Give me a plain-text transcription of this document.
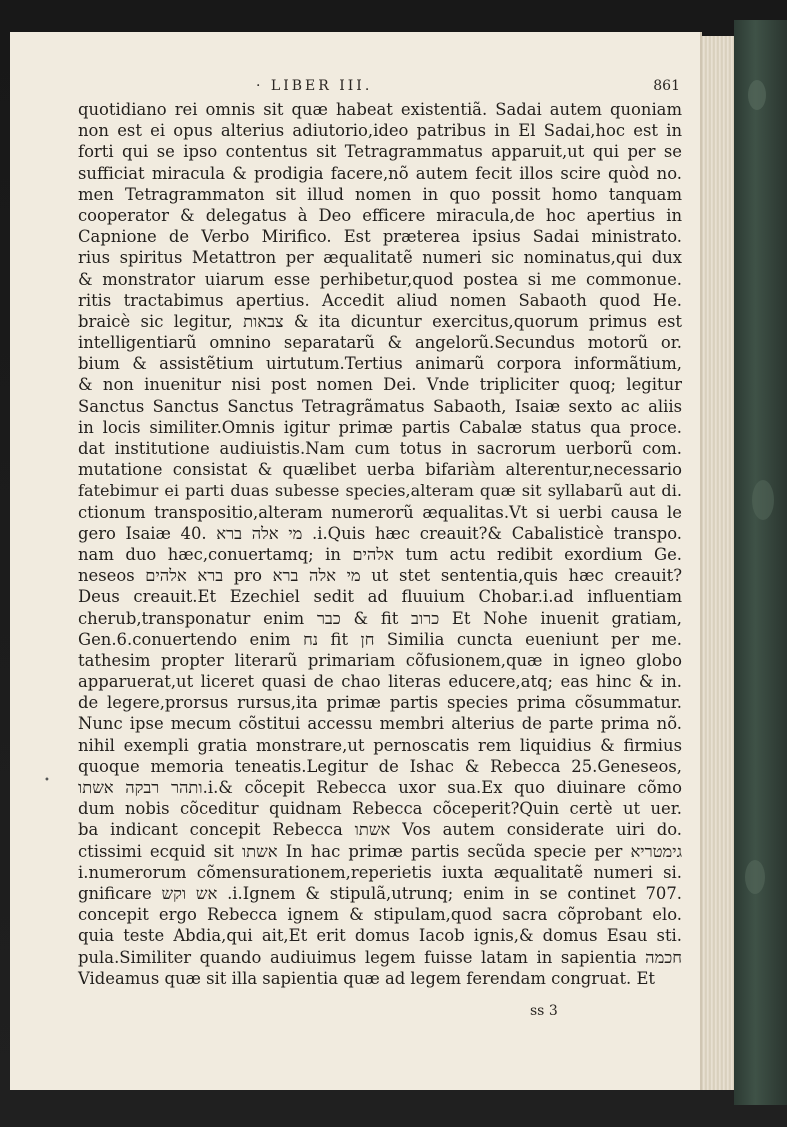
· LIBER III.	861
•
quotidiano rei omnis sit quæ habeat existentiã. Sadai autem quoniam
non est ei opus alterius adiutorio,ideo patribus in El Sadai,hoc est in
forti qui se ipso contentus sit Tetragrammatus apparuit,ut qui per se
sufficiat miracula & prodigia facere,nõ autem fecit illos scire quòd no.
men Tetragrammaton sit illud nomen in quo possit homo tanquam
cooperator & delegatus à Deo efficere miracula,de hoc apertius in
Capnione de Verbo Mirifico. Est præterea ipsius Sadai ministrato.
rius spiritus Metattron per æqualitatẽ numeri sic nominatus,qui dux
& monstrator uiarum esse perhibetur,quod postea si me commonue.
ritis tractabimus apertius. Accedit aliud nomen Sabaoth quod He.
braicè sic legitur, צבאות & ita dicuntur exercitus,quorum primus est
intelligentiarũ omnino separatarũ & angelorũ.Secundus motorũ or.
bium & assistẽtium uirtutum.Tertius animarũ corpora informãtium,
& non inuenitur nisi post nomen Dei. Vnde tripliciter quoq; legitur
Sanctus Sanctus Sanctus Tetragrãmatus Sabaoth, Isaiæ sexto ac aliis
in locis similiter.Omnis igitur primæ partis Cabalæ status qua proce.
dat institutione audiuistis.Nam cum totus in sacrorum uerborũ com.
mutatione consistat & quælibet uerba bifariàm alterentur,necessario
fatebimur ei parti duas subesse species,alteram quæ sit syllabarũ aut di.
ctionum transpositio,alteram numerorũ æqualitas.Vt si uerbi causa le
gero Isaiæ 40. מי אלה ברא .i.Quis hæc creauit?& Cabalisticè transpo.
nam duo hæc,conuertamq; in אלהים tum actu redibit exordium Ge.
neseos ברא אלהים pro מי אלה ברא ut stet sententia,quis hæc creauit?
Deus creauit.Et Ezechiel sedit ad fluuium Chobar.i.ad influentiam
cherub,transponatur enim כבר & fit כרוב Et Nohe inuenit gratiam,
Gen.6.conuertendo enim נח fit חן Similia cuncta eueniunt per me.
tathesim propter literarũ primariam cõfusionem,quæ in igneo globo
apparuerat,ut liceret quasi de chao literas educere,atq; eas hinc & in.
de legere,prorsus rursus,ita primæ partis species prima cõsummatur.
Nunc ipse mecum cõstitui accessu membri alterius de parte prima nõ.
nihil exempli gratia monstrare,ut pernoscatis rem liquidius & firmius
quoque memoria teneatis.Legitur de Ishac & Rebecca 25.Geneseos,
ותהר רבקה אשתו.i.& cõcepit Rebecca uxor sua.Ex quo diuinare cõmo
dum nobis cõceditur quidnam Rebecca cõceperit?Quin certè ut uer.
ba indicant concepit Rebecca אשתו Vos autem considerate uiri do.
ctissimi ecquid sit אשתו In hac primæ partis secũda specie per גימטריא
i.numerorum cõmensurationem,reperietis iuxta æqualitatẽ numeri si.
gnificare אש וקש .i.Ignem & stipulã,utrunq; enim in se continet 707.
concepit ergo Rebecca ignem & stipulam,quod sacra cõprobant elo.
quia teste Abdia,qui ait,Et erit domus Iacob ignis,& domus Esau sti.
pula.Similiter quando audiuimus legem fuisse latam in sapientia חכמה
Videamus quæ sit illa sapientia quæ ad legem ferendam congruat. Et
ss 3
